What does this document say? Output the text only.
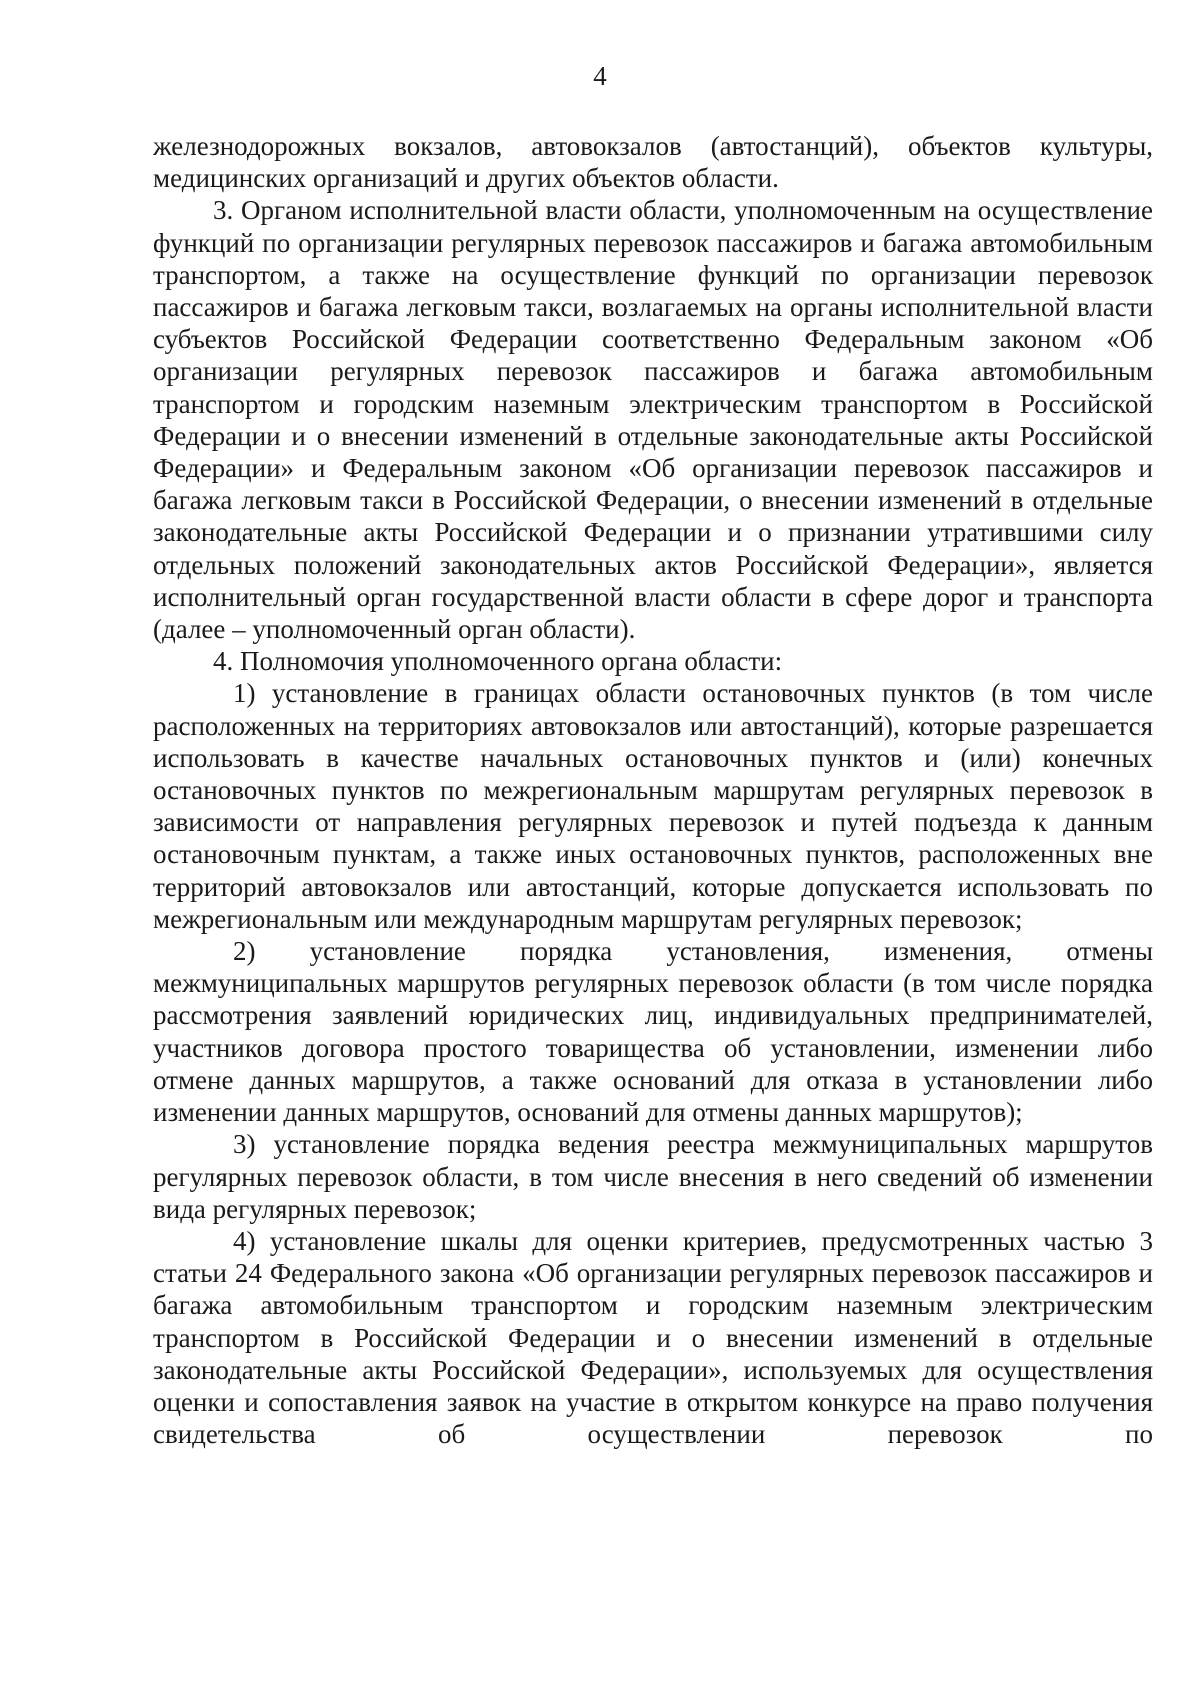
4

железнодорожных вокзалов, автовокзалов (автостанций), объектов культуры, медицинских организаций и других объектов области.

3. Органом исполнительной власти области, уполномоченным на осуществление функций по организации регулярных перевозок пассажиров и багажа автомобильным транспортом, а также на осуществление функций по организации перевозок пассажиров и багажа легковым такси, возлагаемых на органы исполнительной власти субъектов Российской Федерации соответственно Федеральным законом «Об организации регулярных перевозок пассажиров и багажа автомобильным транспортом и городским наземным электрическим транспортом в Российской Федерации и о внесении изменений в отдельные законодательные акты Российской Федерации» и Федеральным законом «Об организации перевозок пассажиров и багажа легковым такси в Российской Федерации, о внесении изменений в отдельные законодательные акты Российской Федерации и о признании утратившими силу отдельных положений законодательных актов Российской Федерации», является исполнительный орган государственной власти области в сфере дорог и транспорта (далее – уполномоченный орган области).

4. Полномочия уполномоченного органа области:

1) установление в границах области остановочных пунктов (в том числе расположенных на территориях автовокзалов или автостанций), которые разрешается использовать в качестве начальных остановочных пунктов и (или) конечных остановочных пунктов по межрегиональным маршрутам регулярных перевозок в зависимости от направления регулярных перевозок и путей подъезда к данным остановочным пунктам, а также иных остановочных пунктов, расположенных вне территорий автовокзалов или автостанций, которые допускается использовать по межрегиональным или международным маршрутам регулярных перевозок;

2) установление порядка установления, изменения, отмены межмуниципальных маршрутов регулярных перевозок области (в том числе порядка рассмотрения заявлений юридических лиц, индивидуальных предпринимателей, участников договора простого товарищества об установлении, изменении либо отмене данных маршрутов, а также оснований для отказа в установлении либо изменении данных маршрутов, оснований для отмены данных маршрутов);

3) установление порядка ведения реестра межмуниципальных маршрутов регулярных перевозок области, в том числе внесения в него сведений об изменении вида регулярных перевозок;

4) установление шкалы для оценки критериев, предусмотренных частью 3 статьи 24 Федерального закона «Об организации регулярных перевозок пассажиров и багажа автомобильным транспортом и городским наземным электрическим транспортом в Российской Федерации и о внесении изменений в отдельные законодательные акты Российской Федерации», используемых для осуществления оценки и сопоставления заявок на участие в открытом конкурсе на право получения свидетельства об осуществлении перевозок по
